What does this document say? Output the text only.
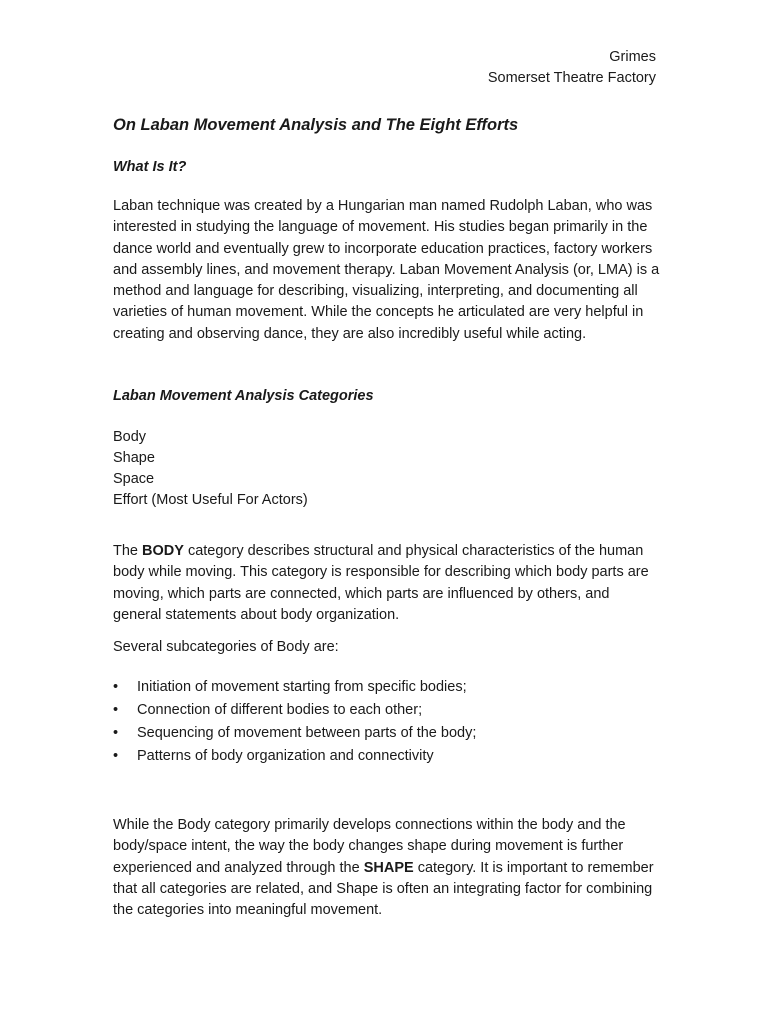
Grimes
Somerset Theatre Factory
On Laban Movement Analysis and The Eight Efforts
What Is It?

Laban technique was created by a Hungarian man named Rudolph Laban, who was interested in studying the language of movement. His studies began primarily in the dance world and eventually grew to incorporate education practices, factory workers and assembly lines, and movement therapy. Laban Movement Analysis (or, LMA) is a method and language for describing, visualizing, interpreting, and documenting all varieties of human movement. While the concepts he articulated are very helpful in creating and observing dance, they are also incredibly useful while acting.

Laban Movement Analysis Categories
Body
Shape
Space
Effort (Most Useful For Actors)

The BODY category describes structural and physical characteristics of the human body while moving. This category is responsible for describing which body parts are moving, which parts are connected, which parts are influenced by others, and general statements about body organization.

Several subcategories of Body are:

• Initiation of movement starting from specific bodies;
• Connection of different bodies to each other;
• Sequencing of movement between parts of the body;
• Patterns of body organization and connectivity

While the Body category primarily develops connections within the body and the body/space intent, the way the body changes shape during movement is further experienced and analyzed through the SHAPE category. It is important to remember that all categories are related, and Shape is often an integrating factor for combining the categories into meaningful movement.
